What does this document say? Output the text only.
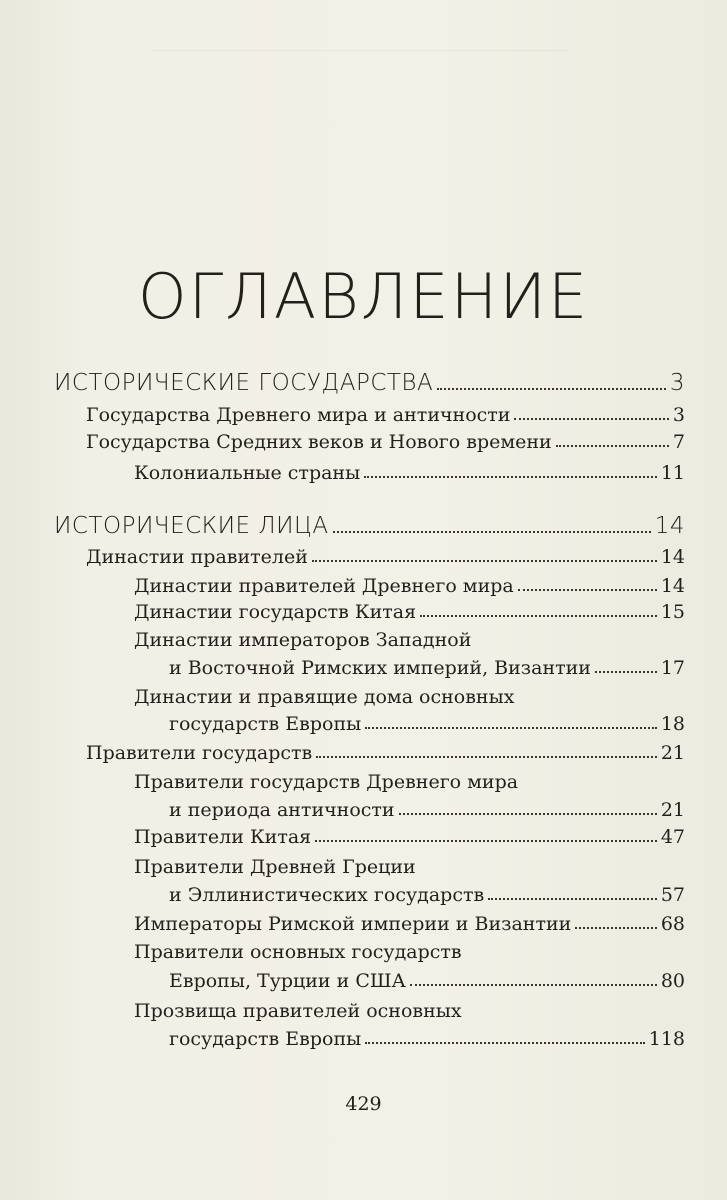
ОГЛАВЛЕНИЕ
ИСТОРИЧЕСКИЕ ГОСУДАРСТВА	3
Государства Древнего мира и античности	3
Государства Средних веков и Нового времени	7
Колониальные страны	11
ИСТОРИЧЕСКИЕ ЛИЦА	14
Династии правителей	14
Династии правителей Древнего мира	14
Династии государств Китая	15
Династии императоров Западной
и Восточной Римских империй, Византии	17
Династии и правящие дома основных
государств Европы	18
Правители государств	21
Правители государств Древнего мира
и периода античности	21
Правители Китая	47
Правители Древней Греции
и Эллинистических государств	57
Императоры Римской империи и Византии	68
Правители основных государств
Европы, Турции и США	80
Прозвища правителей основных
государств Европы	118
429
